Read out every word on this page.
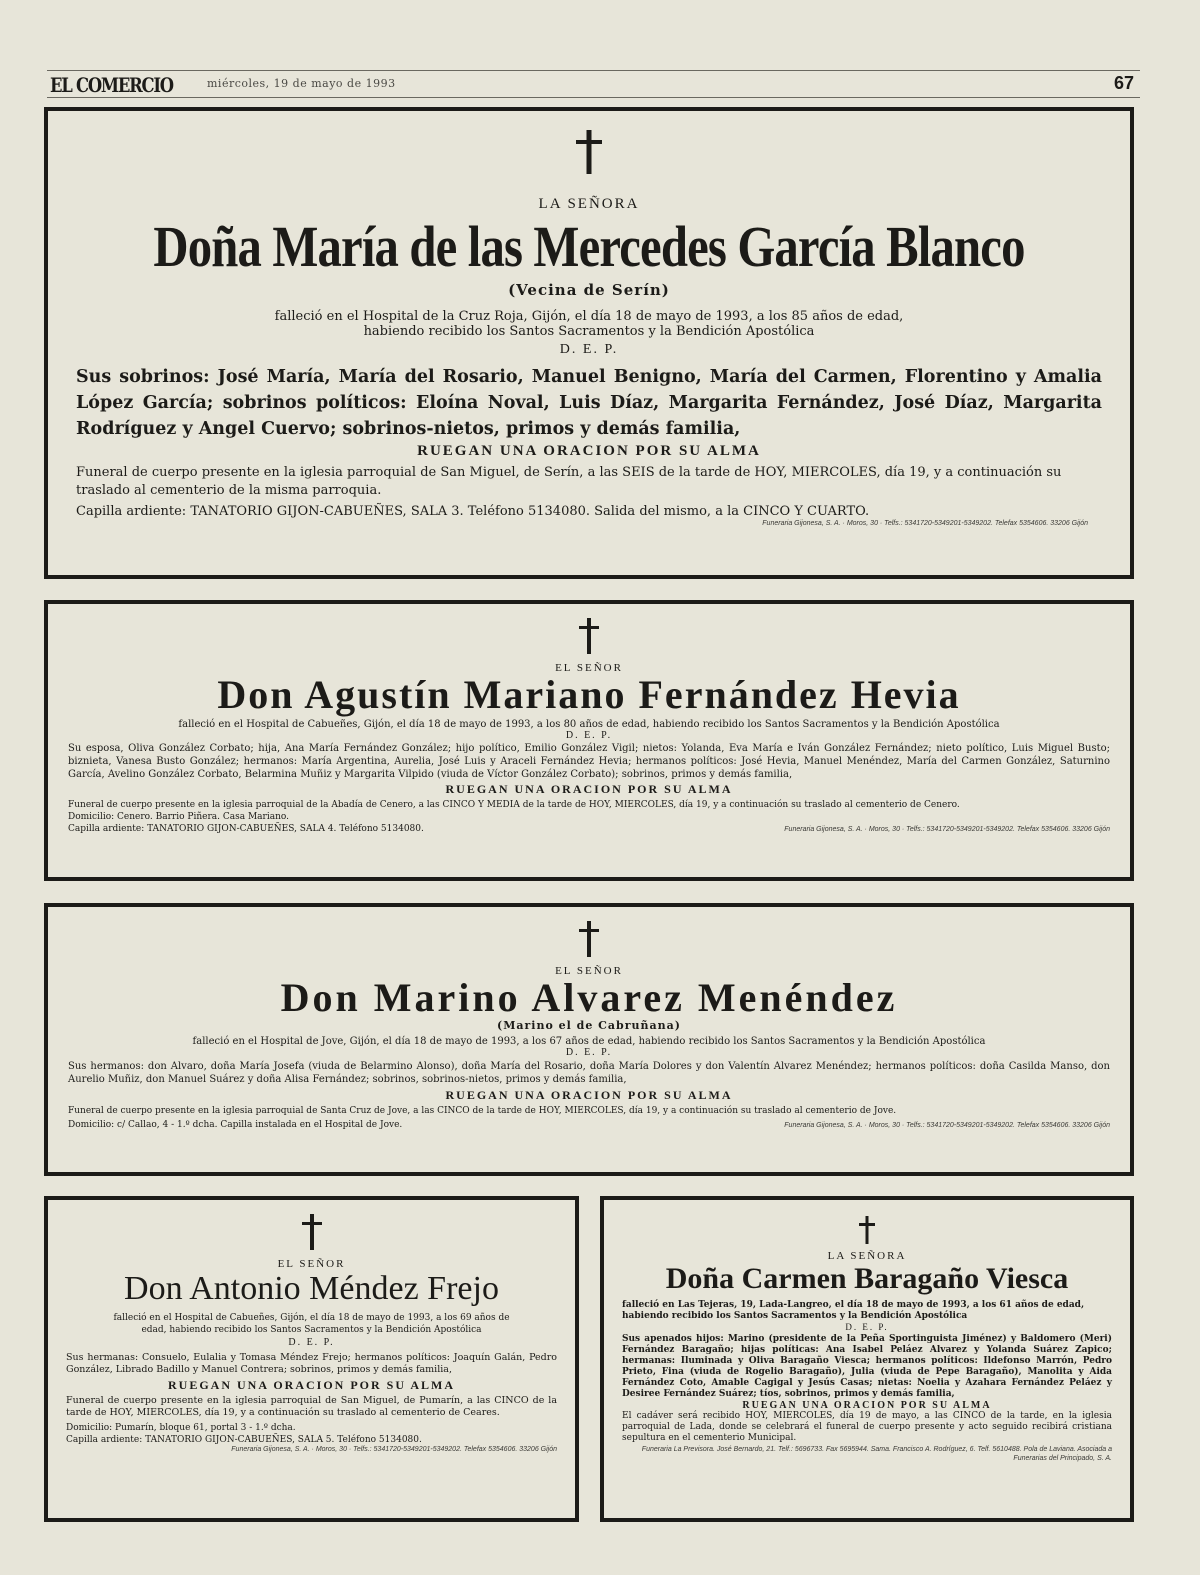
EL COMERCIO	miércoles, 19 de mayo de 1993	67

LA SEÑORA

Doña María de las Mercedes García Blanco

(Vecina de Serín)

falleció en el Hospital de la Cruz Roja, Gijón, el día 18 de mayo de 1993, a los 85 años de edad,

habiendo recibido los Santos Sacramentos y la Bendición Apostólica

D. E. P.

Sus sobrinos: José María, María del Rosario, Manuel Benigno, María del Carmen, Florentino y Amalia López García; sobrinos políticos: Eloína Noval, Luis Díaz, Margarita Fernández, José Díaz, Margarita Rodríguez y Angel Cuervo; sobrinos-nietos, primos y demás familia,

RUEGAN UNA ORACION POR SU ALMA

Funeral de cuerpo presente en la iglesia parroquial de San Miguel, de Serín, a las SEIS de la tarde de HOY, MIERCOLES, día 19, y a continuación su traslado al cementerio de la misma parroquia.

Capilla ardiente: TANATORIO GIJON-CABUEÑES, SALA 3. Teléfono 5134080. Salida del mismo, a la CINCO Y CUARTO.

Funeraria Gijonesa, S. A. · Moros, 30 · Telfs.: 5341720-5349201-5349202. Telefax 5354606. 33206 Gijón

EL SEÑOR

Don Agustín Mariano Fernández Hevia

falleció en el Hospital de Cabueñes, Gijón, el día 18 de mayo de 1993, a los 80 años de edad, habiendo recibido los Santos Sacramentos y la Bendición Apostólica

D. E. P.

Su esposa, Oliva González Corbato; hija, Ana María Fernández González; hijo político, Emilio González Vigil; nietos: Yolanda, Eva María e Iván González Fernández; nieto político, Luis Miguel Busto; biznieta, Vanesa Busto González; hermanos: María Argentina, Aurelia, José Luis y Araceli Fernández Hevia; hermanos políticos: José Hevia, Manuel Menéndez, María del Carmen González, Saturnino García, Avelino González Corbato, Belarmina Muñiz y Margarita Vilpido (viuda de Víctor González Corbato); sobrinos, primos y demás familia,

RUEGAN UNA ORACION POR SU ALMA

Funeral de cuerpo presente en la iglesia parroquial de la Abadía de Cenero, a las CINCO Y MEDIA de la tarde de HOY, MIERCOLES, día 19, y a continuación su traslado al cementerio de Cenero.

Domicilio: Cenero. Barrio Piñera. Casa Mariano.

Capilla ardiente: TANATORIO GIJON-CABUEÑES, SALA 4. Teléfono 5134080.	Funeraria Gijonesa, S. A. · Moros, 30 · Telfs.: 5341720-5349201-5349202. Telefax 5354606. 33206 Gijón

EL SEÑOR

Don Marino Alvarez Menéndez

(Marino el de Cabruñana)

falleció en el Hospital de Jove, Gijón, el día 18 de mayo de 1993, a los 67 años de edad, habiendo recibido los Santos Sacramentos y la Bendición Apostólica

D. E. P.

Sus hermanos: don Alvaro, doña María Josefa (viuda de Belarmino Alonso), doña María del Rosario, doña María Dolores y don Valentín Alvarez Menéndez; hermanos políticos: doña Casilda Manso, don Aurelio Muñiz, don Manuel Suárez y doña Alisa Fernández; sobrinos, sobrinos-nietos, primos y demás familia,

RUEGAN UNA ORACION POR SU ALMA

Funeral de cuerpo presente en la iglesia parroquial de Santa Cruz de Jove, a las CINCO de la tarde de HOY, MIERCOLES, día 19, y a continuación su traslado al cementerio de Jove.

Domicilio: c/ Callao, 4 - 1.º dcha. Capilla instalada en el Hospital de Jove.	Funeraria Gijonesa, S. A. · Moros, 30 · Telfs.: 5341720-5349201-5349202. Telefax 5354606. 33206 Gijón

EL SEÑOR

Don Antonio Méndez Frejo

falleció en el Hospital de Cabueñes, Gijón, el día 18 de mayo de 1993, a los 69 años de edad, habiendo recibido los Santos Sacramentos y la Bendición Apostólica

D. E. P.

Sus hermanas: Consuelo, Eulalia y Tomasa Méndez Frejo; hermanos políticos: Joaquín Galán, Pedro González, Librado Badillo y Manuel Contrera; sobrinos, primos y demás familia,

RUEGAN UNA ORACION POR SU ALMA

Funeral de cuerpo presente en la iglesia parroquial de San Miguel, de Pumarín, a las CINCO de la tarde de HOY, MIERCOLES, día 19, y a continuación su traslado al cementerio de Ceares.

Domicilio: Pumarín, bloque 61, portal 3 - 1.º dcha.

Capilla ardiente: TANATORIO GIJON-CABUEÑES, SALA 5. Teléfono 5134080.

Funeraria Gijonesa, S. A. · Moros, 30 · Telfs.: 5341720-5349201-5349202. Telefax 5354606. 33206 Gijón

LA SEÑORA

Doña Carmen Baragaño Viesca

falleció en Las Tejeras, 19, Lada-Langreo, el día 18 de mayo de 1993, a los 61 años de edad, habiendo recibido los Santos Sacramentos y la Bendición Apostólica

D. E. P.

Sus apenados hijos: Marino (presidente de la Peña Sportinguista Jiménez) y Baldomero (Meri) Fernández Baragaño; hijas políticas: Ana Isabel Peláez Alvarez y Yolanda Suárez Zapico; hermanas: Iluminada y Oliva Baragaño Viesca; hermanos políticos: Ildefonso Marrón, Pedro Prieto, Fina (viuda de Rogelio Baragaño), Julia (viuda de Pepe Baragaño), Manolita y Aida Fernández Coto, Amable Cagigal y Jesús Casas; nietas: Noelia y Azahara Fernández Peláez y Desiree Fernández Suárez; tíos, sobrinos, primos y demás familia,

RUEGAN UNA ORACION POR SU ALMA

El cadáver será recibido HOY, MIERCOLES, día 19 de mayo, a las CINCO de la tarde, en la iglesia parroquial de Lada, donde se celebrará el funeral de cuerpo presente y acto seguido recibirá cristiana sepultura en el cementerio Municipal.

Funeraria La Previsora. José Bernardo, 21. Telf.: 5696733. Fax 5695944. Sama. Francisco A. Rodríguez, 6. Telf. 5610488. Pola de Laviana. Asociada a Funerarias del Principado, S. A.
